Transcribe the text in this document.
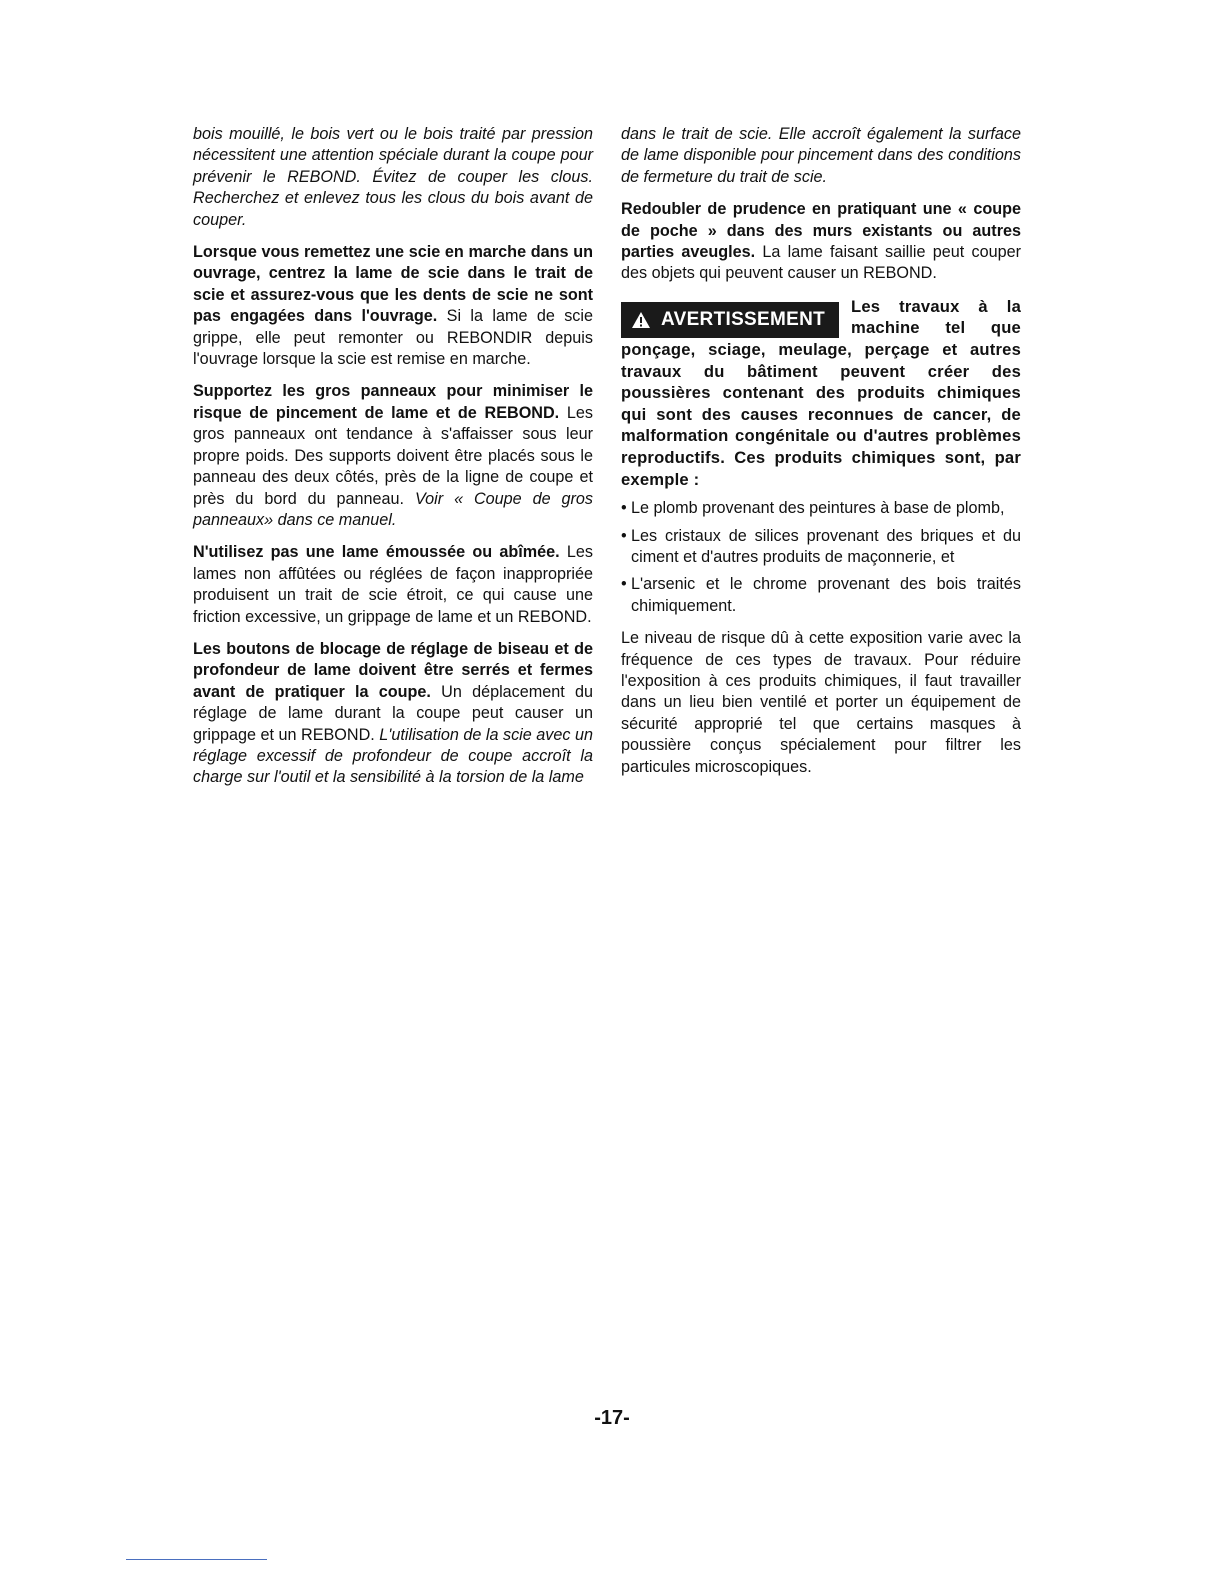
bois mouillé, le bois vert ou le bois traité par pression nécessitent une attention spéciale durant la coupe pour prévenir le REBOND. Évitez de couper les clous. Recherchez et enlevez tous les clous du bois avant de couper.

Lorsque vous remettez une scie en marche dans un ouvrage, centrez la lame de scie dans le trait de scie et assurez-vous que les dents de scie ne sont pas engagées dans l'ouvrage. Si la lame de scie grippe, elle peut remonter ou REBONDIR depuis l'ouvrage lorsque la scie est remise en marche.

Supportez les gros panneaux pour minimiser le risque de pincement de lame et de REBOND. Les gros panneaux ont tendance à s'affaisser sous leur propre poids. Des supports doivent être placés sous le panneau des deux côtés, près de la ligne de coupe et près du bord du panneau. Voir « Coupe de gros panneaux» dans ce manuel.

N'utilisez pas une lame émoussée ou abîmée. Les lames non affûtées ou réglées de façon inappropriée produisent un trait de scie étroit, ce qui cause une friction excessive, un grippage de lame et un REBOND.

Les boutons de blocage de réglage de biseau et de profondeur de lame doivent être serrés et fermes avant de pratiquer la coupe. Un déplacement du réglage de lame durant la coupe peut causer un grippage et un REBOND. L'utilisation de la scie avec un réglage excessif de profondeur de coupe accroît la charge sur l'outil et la sensibilité à la torsion de la lame

dans le trait de scie. Elle accroît également la surface de lame disponible pour pincement dans des conditions de fermeture du trait de scie.

Redoubler de prudence en pratiquant une « coupe de poche » dans des murs existants ou autres parties aveugles. La lame faisant saillie peut couper des objets qui peuvent causer un REBOND.

AVERTISSEMENT
Les travaux à la machine tel que ponçage, sciage, meulage, perçage et autres travaux du bâtiment peuvent créer des poussières contenant des produits chimiques qui sont des causes reconnues de cancer, de malformation congénitale ou d'autres problèmes reproductifs. Ces produits chimiques sont, par exemple :
• Le plomb provenant des peintures à base de plomb,
• Les cristaux de silices provenant des briques et du ciment et d'autres produits de maçonnerie, et
• L'arsenic et le chrome provenant des bois traités chimiquement.

Le niveau de risque dû à cette exposition varie avec la fréquence de ces types de travaux. Pour réduire l'exposition à ces produits chimiques, il faut travailler dans un lieu bien ventilé et porter un équipement de sécurité approprié tel que certains masques à poussière conçus spécialement pour filtrer les particules microscopiques.

-17-
